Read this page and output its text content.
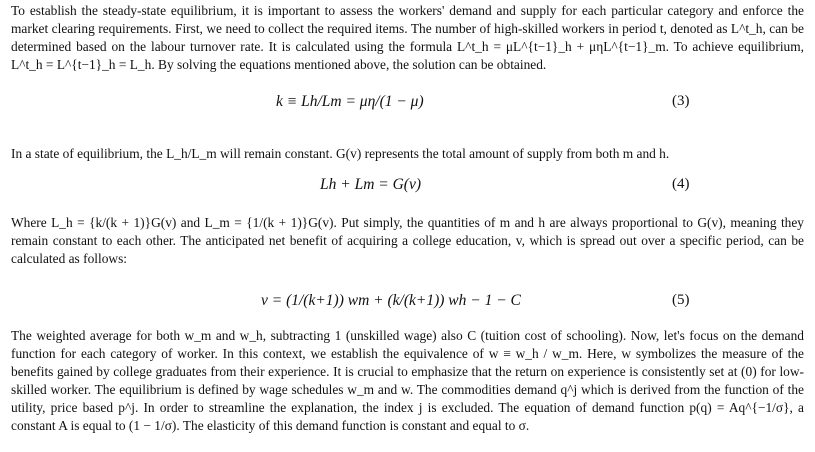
To establish the steady-state equilibrium, it is important to assess the workers' demand and supply for each particular category and enforce the market clearing requirements. First, we need to collect the required items. The number of high-skilled workers in period t, denoted as L^t_h, can be determined based on the labour turnover rate. It is calculated using the formula L^t_h = μL^{t−1}_h + μηL^{t−1}_m. To achieve equilibrium, L^t_h = L^{t−1}_h = L_h. By solving the equations mentioned above, the solution can be obtained.
k ≡ Lh/Lm = μη/(1 − μ)	(3)
In a state of equilibrium, the L_h/L_m will remain constant. G(v) represents the total amount of supply from both m and h.
Lh + Lm = G(v)	(4)
Where L_h = {k/(k + 1)}G(v) and L_m = {1/(k + 1)}G(v). Put simply, the quantities of m and h are always proportional to G(v), meaning they remain constant to each other. The anticipated net benefit of acquiring a college education, v, which is spread out over a specific period, can be calculated as follows:
v = (1/(k+1)) wm + (k/(k+1)) wh − 1 − C	(5)
The weighted average for both w_m and w_h, subtracting 1 (unskilled wage) also C (tuition cost of schooling). Now, let's focus on the demand function for each category of worker. In this context, we establish the equivalence of w ≡ w_h / w_m. Here, w symbolizes the measure of the benefits gained by college graduates from their experience. It is crucial to emphasize that the return on experience is consistently set at (0) for low-skilled worker. The equilibrium is defined by wage schedules w_m and w. The commodities demand q^j which is derived from the function of the utility, price based p^j. In order to streamline the explanation, the index j is excluded. The equation of demand function p(q) = Aq^{−1/σ}, a constant A is equal to (1 − 1/σ). The elasticity of this demand function is constant and equal to σ.
